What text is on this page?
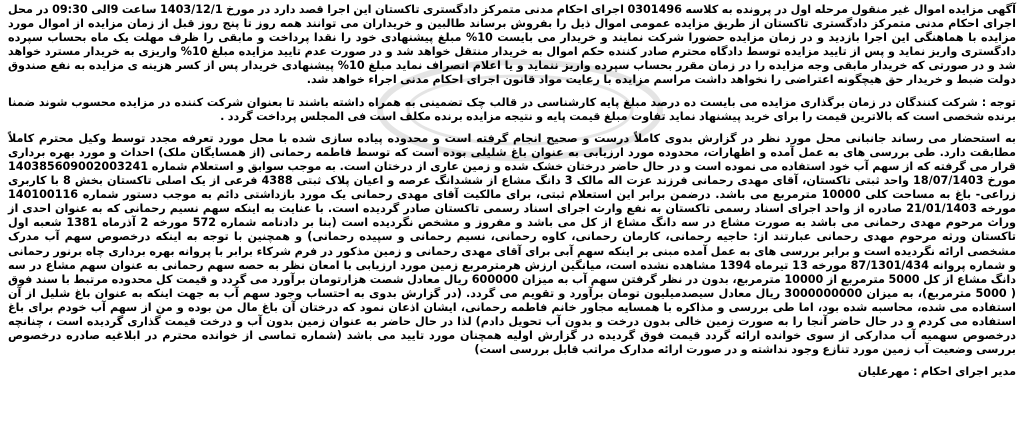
آگهی مزایده اموال غیر منقول مرحله اول در پرونده به کلاسه 0301496 اجرای احکام مدنی متمرکز دادگستری تاکستان این اجرا قصد دارد در مورخ 1403/12/1 ساعت 9الی 09:30 در محل اجرای احکام مدنی متمرکز دادگستری تاکستان از طریق مزایده عمومی اموال ذیل را بفروش برساند طالبین و خریداران می توانند همه روز تا پنج روز قبل از زمان مزایده از اموال مورد مزایده با هماهنگی این اجرا بازدید و در زمان مزایده حضورا شرکت نمایند و خریدار می بایست 10% مبلغ پیشنهادی خود را نقدا پرداخت و مابقی را ظرف مهلت یک ماه بحساب سپرده دادگستری واریز نماید و پس از تایید مزایده توسط دادگاه محترم صادر کننده حکم اموال به خریدار منتقل خواهد شد و در صورت عدم تایید مزایده مبلغ 10% واریزی به خریدار مسترد خواهد شد و در صورتی که خریدار مابقی وجه مزایده را در زمان مقرر بحساب سپرده واریز ننماید و یا اعلام انصراف نماید مبلغ 10% پیشنهادی خریدار پس از کسر هزینه ی مزایده به نفع صندوق دولت ضبط و خریدار حق هیچگونه اعتراضی را نخواهد داشت مراسم مزایده با رعایت مواد قانون اجرای احکام مدنی اجراء خواهد شد.

توجه : شرکت کنندگان در زمان برگذاری مزایده می بایست ده درصد مبلغ پایه کارشناسی در قالب چک تضمینی به همراه داشته باشند تا بعنوان شرکت کننده در مزایده محسوب شوند ضمنا برنده شخصی است که بالاترین قیمت را برای خرید پیشنهاد نماید تفاوت مبلغ قیمت پایه و نتیجه مزایده برنده مکلف است فی المجلس پرداخت گردد .

به استحضار می رساند جانبانی محل مورد نظر در گزارش بدوی کاملاً درست و صحیح انجام گرفته است و محدوده پیاده سازی شده با محل مورد تعرفه مجدد توسط وکیل محترم کاملاً مطابقت دارد. طی بررسی های به عمل آمده و اظهارات، محدوده مورد ارزیابی به عنوان باغ شلیلی بوده است که توسط فاطمه رحمانی (از همسایگان ملک) احداث و مورد بهره برداری قرار می گرفته که از سهم آب خود استفاده می نموده است و در حال حاضر درختان خشک شده و زمین عاری از درختان است. به موجب سوابق و استعلام شماره 140385609002003241 مورخ 18/07/1403 واحد ثبتی تاکستان، آقای مهدی رحمانی فرزند عزت اله مالک 3 دانگ مشاع از ششدانگ عرصه و اعیان پلاک ثبتی 4388 فرعی از یک اصلی تاکستان بخش 8 با کاربری زراعی- باغ به مساحت کلی 10000 مترمربع می باشد. درضمن برابر این استعلام ثبتی، برای مالکیت آقای مهدی رحمانی یک مورد بازداشتی دائم به موجب دستور شماره 140100116 مورخه 21/01/1403 صادره از واحد اجرای اسناد رسمی تاکستان به نفع وارث اجرای اسناد رسمی تاکستان صادر گردیده است. با عنایت به اینکه سهم نسیم رحمانی که به عنوان احدی از وراث مرحوم مهدی رحمانی می باشد به صورت مشاع در سه دانگ مشاع از کل می باشد و مفروز و مشخص نگردیده است (بنا بر دادنامه شماره 572 مورخه 2 آذرماه 1381 شعبه اول تاکستان ورثه مرحوم مهدی رحمانی عبارتند از: حاجیه رحمانی، کارمان رحمانی، کاوه رحمانی، نسیم رحمانی و سپیده رحمانی) و همچنین با توجه به اینکه درخصوص سهم آب مدرک مشخصی ارائه نگردیده است و برابر بررسی های به عمل آمده مبنی بر اینکه سهم آبی برای آقای مهدی رحمانی و زمین مذکور در فرم شرکاء برابر با پروانه بهره برداری چاه برنور رحمانی و شماره پروانه 87/1301/434 مورخه 13 تیرماه 1394 مشاهده نشده است، میانگین ارزش هرمترمربع زمین مورد ارزیابی با امعان نظر به حصه سهم رحمانی به عنوان سهم مشاع در سه دانگ مشاع از کل 5000 مترمربع از 10000 مترمربع، بدون در نظر گرفتن سهم آب به میزان 600000 ریال معادل شصت هزارتومان برآورد می گردد و قیمت کل محدوده مرتبط با سند فوق ( 5000 مترمربع)، به میزان 3000000000 ریال معادل سیصدمیلیون تومان برآورد و تقویم می گردد. (در گزارش بدوی به احتساب وجود سهم آب به جهت اینکه به عنوان باغ شلیل از آن استفاده می شده، محاسبه شده بود، اما طی بررسی و مذاکره با همسایه مجاور خانم فاطمه رحمانی، ایشان اذعان نمود که درختان آن باغ مال من بوده و من از سهم آب خودم برای باغ استفاده می کردم و در حال حاضر آنجا را به صورت زمین خالی بدون درخت و بدون آب تحویل دادم) لذا در حال حاضر به عنوان زمین بدون آب و درخت قیمت گذاری گردیده است ، چنانچه درخصوص سهمیه آب مدارکی از سوی خوانده ارائه گردد قیمت فوق گردیده در گزارش اولیه همچنان مورد تایید می باشد (شماره تماسی از خوانده محترم در ابلاغیه صادره درخصوص بررسی وضعیت آب زمین مورد تنازع وجود نداشته و در صورت ارائه مدارک مراتب قابل بررسی است)

مدیر اجرای احکام : مهرعلیان
